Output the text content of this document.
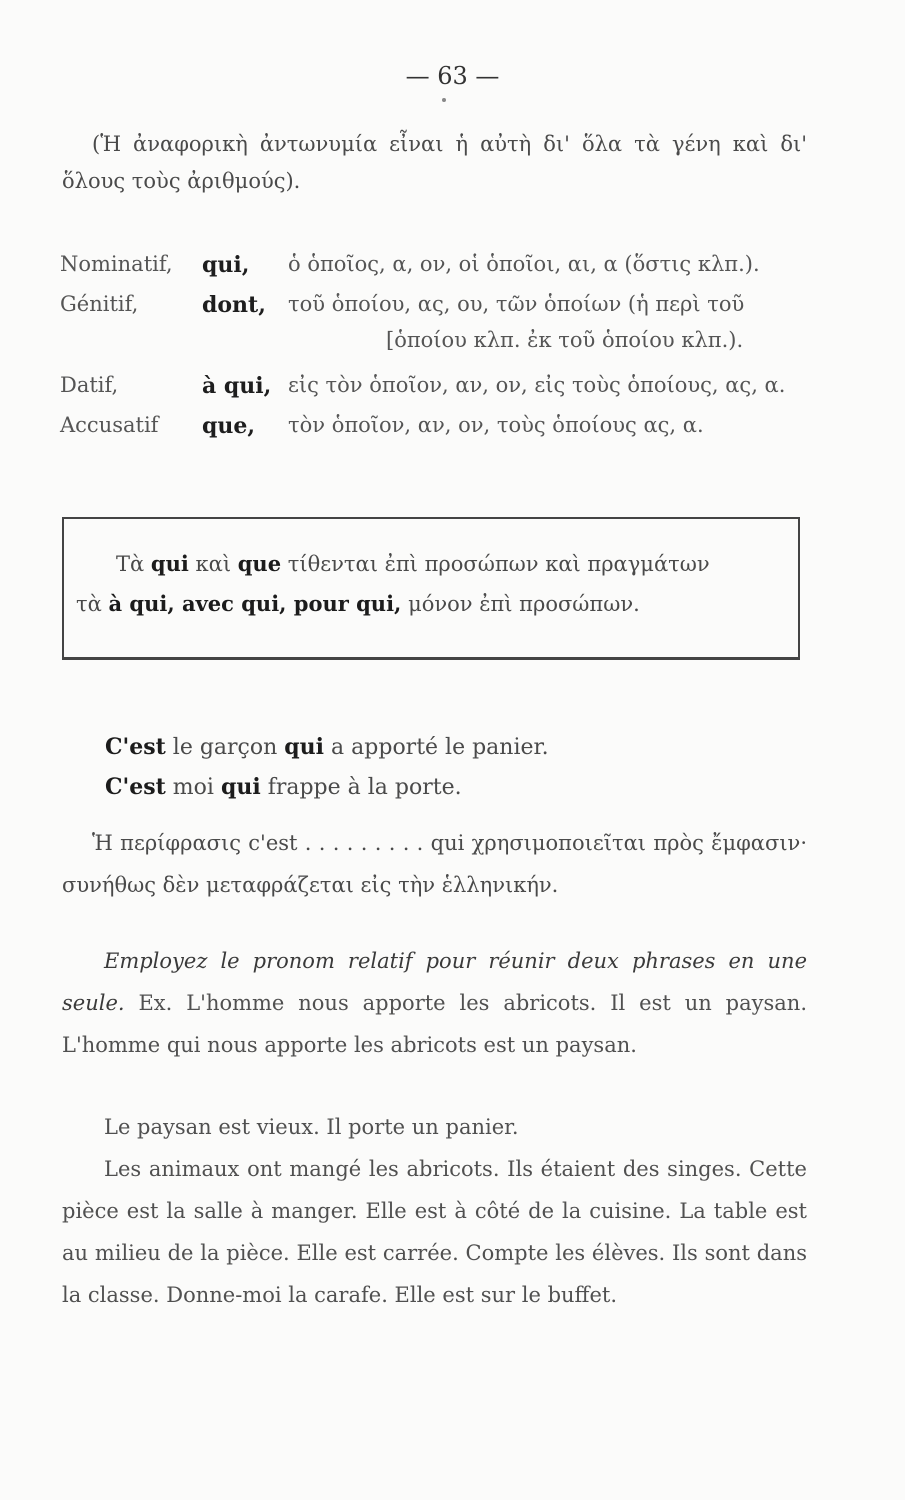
— 63 —
(Ἡ ἀναφορικὴ ἀντωνυμία εἶναι ἡ αὐτὴ δι' ὅλα τὰ γένη καὶ δι' ὅλους τοὺς ἀριθμούς).
Nominatif, qui, ὁ ὁποῖος, α, ον, οἱ ὁποῖοι, αι, α (ὅστις κλπ.).
Génitif,	dont, τοῦ ὁποίου, ας, ου, τῶν ὁποίων (ἡ περὶ τοῦ
[ὁποίου κλπ. ἐκ τοῦ ὁποίου κλπ.).
Datif,	à qui, εἰς τὸν ὁποῖον, αν, ον, εἰς τοὺς ὁποίους, ας, α.
Accusatif que, τὸν ὁποῖον, αν, ον, τοὺς ὁποίους ας, α.
Τὰ qui καὶ que τίθενται ἐπὶ προσώπων καὶ πραγμάτων
τὰ à qui, avec qui, pour qui, μόνον ἐπὶ προσώπων.
C'est le garçon qui a apporté le panier.
C'est moi qui frappe à la porte.
Ἡ περίφρασις c'est . . . . . . . . . qui χρησιμοποιεῖται πρὸς ἔμφασιν· συνήθως δὲν μεταφράζεται εἰς τὴν ἑλληνικήν.
Employez le pronom relatif pour réunir deux phrases en une seule. Ex. L'homme nous apporte les abricots. Il est un paysan. L'homme qui nous apporte les abricots est un paysan.
Le paysan est vieux. Il porte un panier.
Les animaux ont mangé les abricots. Ils étaient des singes. Cette pièce est la salle à manger. Elle est à côté de la cuisine. La table est au milieu de la pièce. Elle est carrée. Compte les élèves. Ils sont dans la classe. Donne-moi la carafe. Elle est sur le buffet.
